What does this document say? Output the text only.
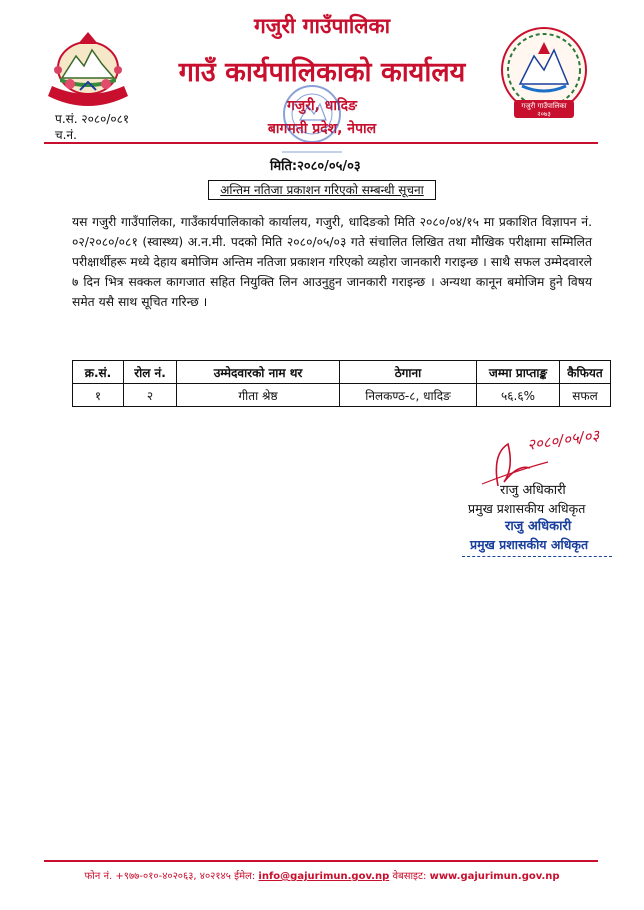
गजुरी गाउँपालिका
गाउँ कार्यपालिकाको कार्यालय
गजुरी, धादिङ
बागमती प्रदेश, नेपाल
प.सं. २०८०/०८१
च.नं.
गजुरी गाउँपालिका
२०७३
मिति:२०८०/०५/०३
अन्तिम नतिजा प्रकाशन गरिएको सम्बन्धी सूचना
यस गजुरी गाउँपालिका, गाउँकार्यपालिकाको कार्यालय, गजुरी, धादिङको मिति २०८०/०४/१५ मा प्रकाशित विज्ञापन नं. ०२/२०८०/०८१ (स्वास्थ्य) अ.न.मी. पदको मिति २०८०/०५/०३ गते संचालित लिखित तथा मौखिक परीक्षामा सम्मिलित परीक्षार्थीहरू मध्ये देहाय बमोजिम अन्तिम नतिजा प्रकाशन गरिएको व्यहोरा जानकारी गराइन्छ । साथै सफल उम्मेदवारले ७ दिन भित्र सक्कल कागजात सहित नियुक्ति लिन आउनुहुन जानकारी गराइन्छ । अन्यथा कानून बमोजिम हुने विषय समेत यसै साथ सूचित गरिन्छ ।
क्र.सं.	रोल नं.	उम्मेदवारको नाम थर	ठेगाना	जम्मा प्राप्ताङ्क	कैफियत
१	२	गीता श्रेष्ठ	निलकण्ठ-८, धादिङ	५६.६%	सफल
२०८०/०५/०३
राजु अधिकारी
प्रमुख प्रशासकीय अधिकृत
राजु अधिकारी
प्रमुख प्रशासकीय अधिकृत
फोन नं. +९७७-०१०-४०२०६३, ४०२१४५ ईमेल: info@gajurimun.gov.np वेबसाइट: www.gajurimun.gov.np
